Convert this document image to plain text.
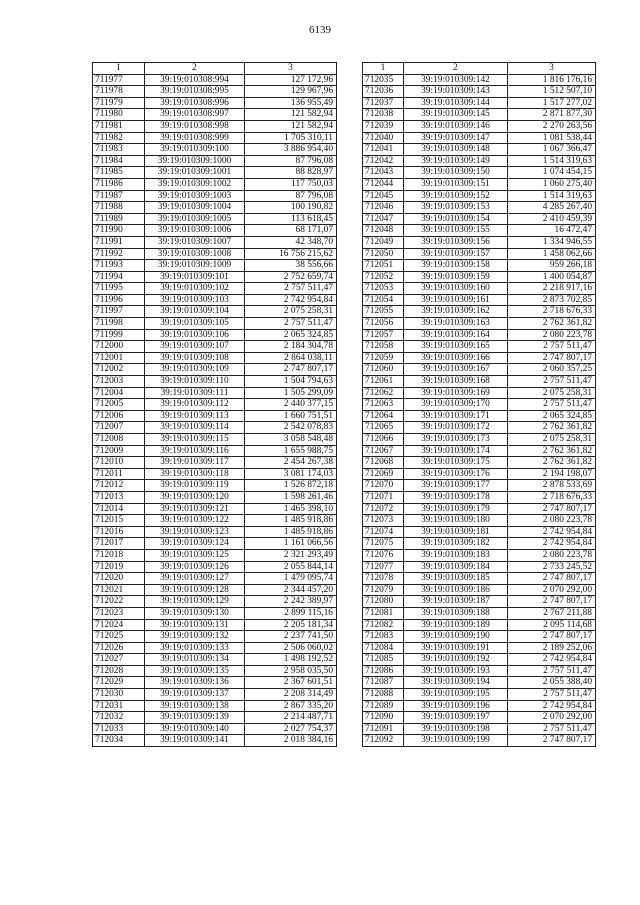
6139
1	2	3
711977	39:19:010308:994	127 172,96
711978	39:19:010308:995	129 967,96
711979	39:19:010308:996	136 955,49
711980	39:19:010308:997	121 582,94
711981	39:19:010308:998	121 582,94
711982	39:19:010308:999	1 705 310,11
711983	39:19:010309:100	3 886 954,40
711984	39:19:010309:1000	87 796,08
711985	39:19:010309:1001	88 828,97
711986	39:19:010309:1002	117 750,03
711987	39:19:010309:1003	87 796,08
711988	39:19:010309:1004	100 190,82
711989	39:19:010309:1005	113 618,45
711990	39:19:010309:1006	68 171,07
711991	39:19:010309:1007	42 348,70
711992	39:19:010309:1008	16 756 215,62
711993	39:19:010309:1009	38 556,66
711994	39:19:010309:101	2 752 659,74
711995	39:19:010309:102	2 757 511,47
711996	39:19:010309:103	2 742 954,84
711997	39:19:010309:104	2 075 258,31
711998	39:19:010309:105	2 757 511,47
711999	39:19:010309:106	2 065 324,85
712000	39:19:010309:107	2 184 304,78
712001	39:19:010309:108	2 864 038,11
712002	39:19:010309:109	2 747 807,17
712003	39:19:010309:110	1 504 794,63
712004	39:19:010309:111	1 505 299,09
712005	39:19:010309:112	2 440 377,15
712006	39:19:010309:113	1 660 751,51
712007	39:19:010309:114	2 542 078,83
712008	39:19:010309:115	3 058 548,48
712009	39:19:010309:116	1 655 988,75
712010	39:19:010309:117	2 454 267,38
712011	39:19:010309:118	3 081 174,03
712012	39:19:010309:119	1 526 872,18
712013	39:19:010309:120	1 598 261,46
712014	39:19:010309:121	1 465 398,10
712015	39:19:010309:122	1 485 918,86
712016	39:19:010309:123	1 485 918,86
712017	39:19:010309:124	1 161 066,56
712018	39:19:010309:125	2 321 293,49
712019	39:19:010309:126	2 055 844,14
712020	39:19:010309:127	1 479 095,74
712021	39:19:010309:128	2 344 457,20
712022	39:19:010309:129	2 242 389,97
712023	39:19:010309:130	2 899 115,16
712024	39:19:010309:131	2 205 181,34
712025	39:19:010309:132	2 237 741,50
712026	39:19:010309:133	2 506 060,02
712027	39:19:010309:134	1 498 192,52
712028	39:19:010309:135	2 958 035,50
712029	39:19:010309:136	2 367 601,51
712030	39:19:010309:137	2 208 314,49
712031	39:19:010309:138	2 867 335,20
712032	39:19:010309:139	2 214 487,71
712033	39:19:010309:140	2 027 754,37
712034	39:19:010309:141	2 018 384,16
1	2	3
712035	39:19:010309:142	1 816 176,16
712036	39:19:010309:143	1 512 507,10
712037	39:19:010309:144	1 517 277,02
712038	39:19:010309:145	2 871 877,30
712039	39:19:010309:146	2 270 263,56
712040	39:19:010309:147	1 081 538,44
712041	39:19:010309:148	1 067 366,47
712042	39:19:010309:149	1 514 319,63
712043	39:19:010309:150	1 074 454,15
712044	39:19:010309:151	1 060 275,40
712045	39:19:010309:152	1 514 319,63
712046	39:19:010309:153	4 285 267,40
712047	39:19:010309:154	2 410 459,39
712048	39:19:010309:155	16 472,47
712049	39:19:010309:156	1 334 946,55
712050	39:19:010309:157	1 458 062,66
712051	39:19:010309:158	959 266,18
712052	39:19:010309:159	1 400 054,87
712053	39:19:010309:160	2 218 917,16
712054	39:19:010309:161	2 873 702,85
712055	39:19:010309:162	2 718 676,33
712056	39:19:010309:163	2 762 361,82
712057	39:19:010309:164	2 080 223,78
712058	39:19:010309:165	2 757 511,47
712059	39:19:010309:166	2 747 807,17
712060	39:19:010309:167	2 060 357,25
712061	39:19:010309:168	2 757 511,47
712062	39:19:010309:169	2 075 258,31
712063	39:19:010309:170	2 757 511,47
712064	39:19:010309:171	2 065 324,85
712065	39:19:010309:172	2 762 361,82
712066	39:19:010309:173	2 075 258,31
712067	39:19:010309:174	2 762 361,82
712068	39:19:010309:175	2 762 361,82
712069	39:19:010309:176	2 194 198,07
712070	39:19:010309:177	2 878 533,69
712071	39:19:010309:178	2 718 676,33
712072	39:19:010309:179	2 747 807,17
712073	39:19:010309:180	2 080 223,78
712074	39:19:010309:181	2 742 954,84
712075	39:19:010309:182	2 742 954,84
712076	39:19:010309:183	2 080 223,78
712077	39:19:010309:184	2 733 245,52
712078	39:19:010309:185	2 747 807,17
712079	39:19:010309:186	2 070 292,00
712080	39:19:010309:187	2 747 807,17
712081	39:19:010309:188	2 767 211,88
712082	39:19:010309:189	2 095 114,68
712083	39:19:010309:190	2 747 807,17
712084	39:19:010309:191	2 189 252,06
712085	39:19:010309:192	2 742 954,84
712086	39:19:010309:193	2 757 511,47
712087	39:19:010309:194	2 055 388,40
712088	39:19:010309:195	2 757 511,47
712089	39:19:010309:196	2 742 954,84
712090	39:19:010309:197	2 070 292,00
712091	39:19:010309:198	2 757 511,47
712092	39:19:010309:199	2 747 807,17
